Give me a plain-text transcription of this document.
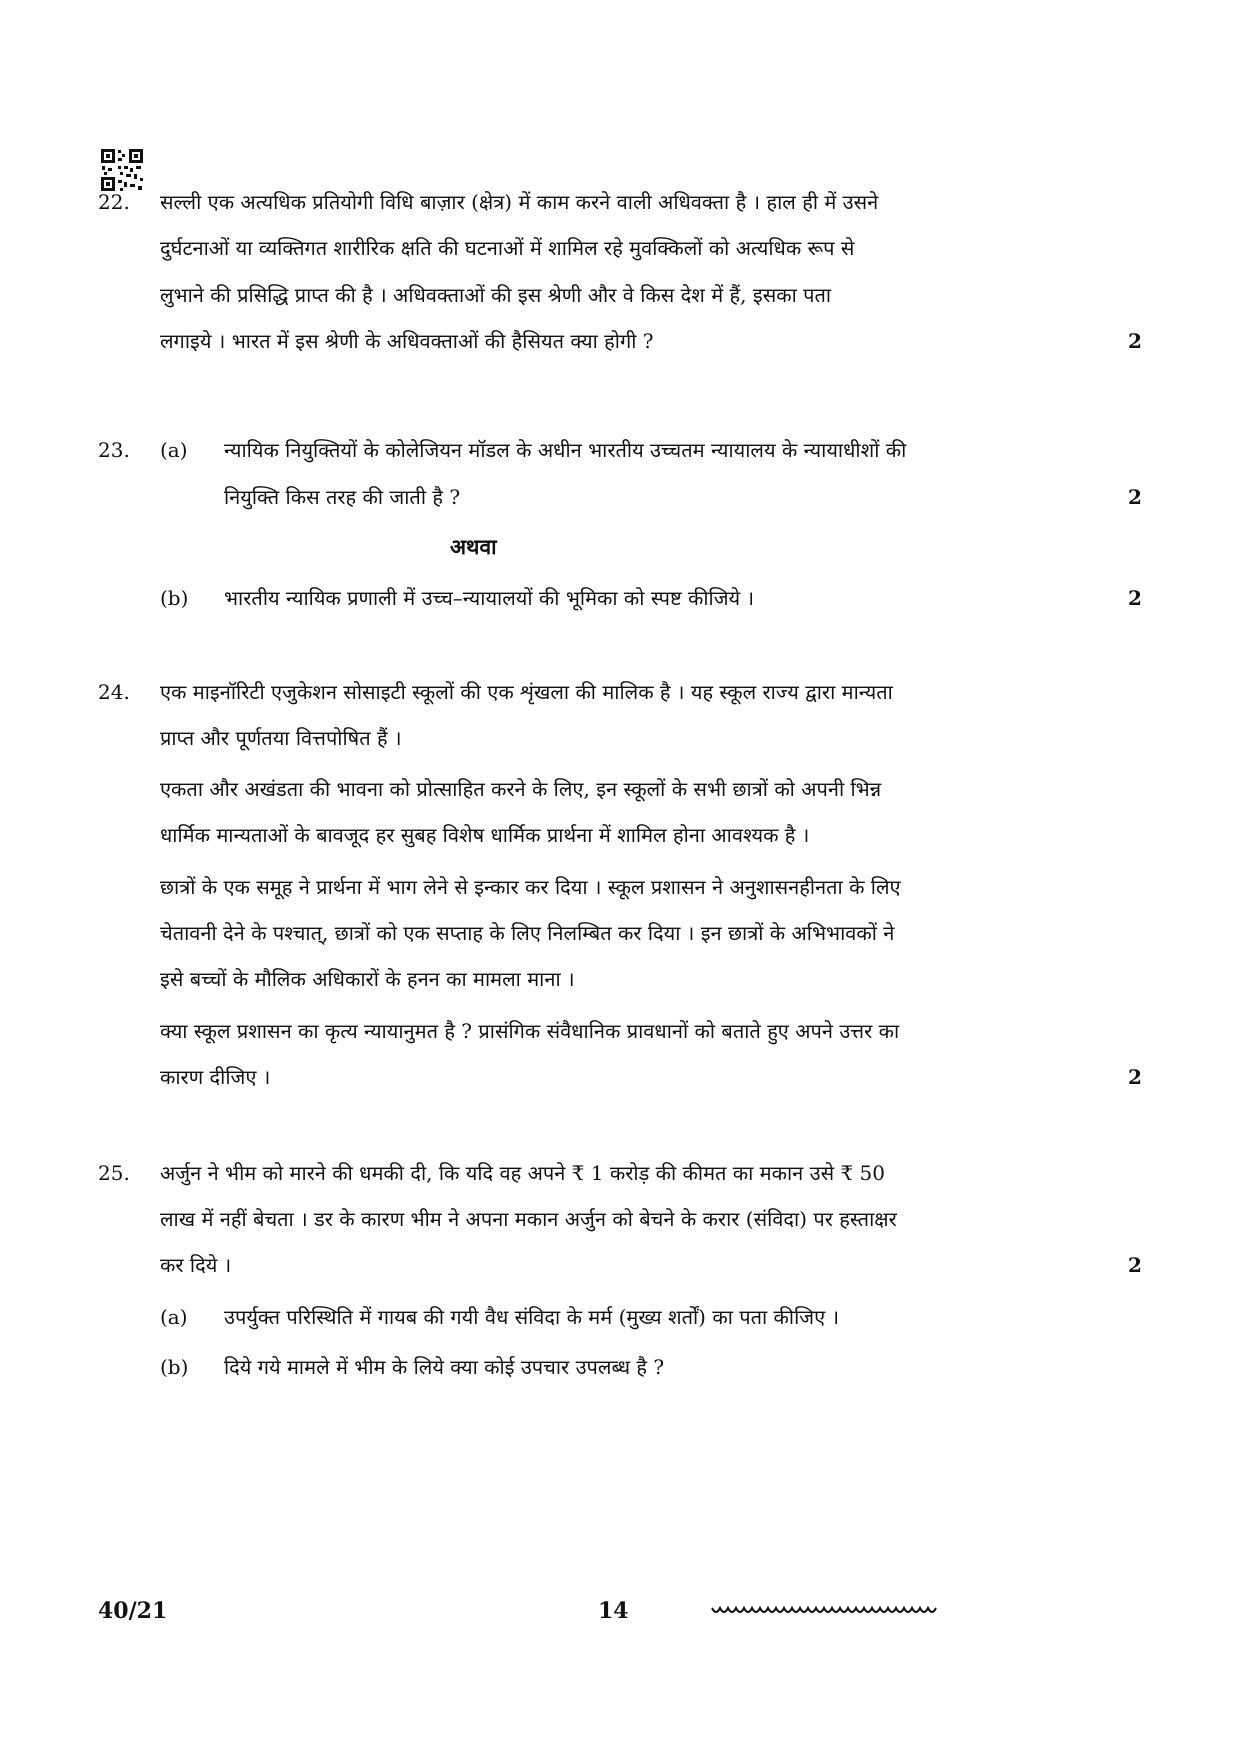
22. सल्ली एक अत्यधिक प्रतियोगी विधि बाज़ार (क्षेत्र) में काम करने वाली अधिवक्ता है । हाल ही में उसने
दुर्घटनाओं या व्यक्तिगत शारीरिक क्षति की घटनाओं में शामिल रहे मुवक्किलों को अत्यधिक रूप से
लुभाने की प्रसिद्धि प्राप्त की है । अधिवक्ताओं की इस श्रेणी और वे किस देश में हैं, इसका पता
लगाइये । भारत में इस श्रेणी के अधिवक्ताओं की हैसियत क्या होगी ?	2
23. (a) न्यायिक नियुक्तियों के कोलेजियन मॉडल के अधीन भारतीय उच्चतम न्यायालय के न्यायाधीशों की
नियुक्ति किस तरह की जाती है ?	2
अथवा
(b) भारतीय न्यायिक प्रणाली में उच्च–न्यायालयों की भूमिका को स्पष्ट कीजिये ।	2
24. एक माइनॉरिटी एजुकेशन सोसाइटी स्कूलों की एक शृंखला की मालिक है । यह स्कूल राज्य द्वारा मान्यता
प्राप्त और पूर्णतया वित्तपोषित हैं ।
एकता और अखंडता की भावना को प्रोत्साहित करने के लिए, इन स्कूलों के सभी छात्रों को अपनी भिन्न
धार्मिक मान्यताओं के बावजूद हर सुबह विशेष धार्मिक प्रार्थना में शामिल होना आवश्यक है ।
छात्रों के एक समूह ने प्रार्थना में भाग लेने से इन्कार कर दिया । स्कूल प्रशासन ने अनुशासनहीनता के लिए
चेतावनी देने के पश्चात्, छात्रों को एक सप्ताह के लिए निलम्बित कर दिया । इन छात्रों के अभिभावकों ने
इसे बच्चों के मौलिक अधिकारों के हनन का मामला माना ।
क्या स्कूल प्रशासन का कृत्य न्यायानुमत है ? प्रासंगिक संवैधानिक प्रावधानों को बताते हुए अपने उत्तर का
कारण दीजिए ।	2
25. अर्जुन ने भीम को मारने की धमकी दी, कि यदि वह अपने ₹ 1 करोड़ की कीमत का मकान उसे ₹ 50
लाख में नहीं बेचता । डर के कारण भीम ने अपना मकान अर्जुन को बेचने के करार (संविदा) पर हस्ताक्षर
कर दिये ।	2
(a) उपर्युक्त परिस्थिति में गायब की गयी वैध संविदा के मर्म (मुख्य शर्तों) का पता कीजिए ।
(b) दिये गये मामले में भीम के लिये क्या कोई उपचार उपलब्ध है ?
40/21	14
